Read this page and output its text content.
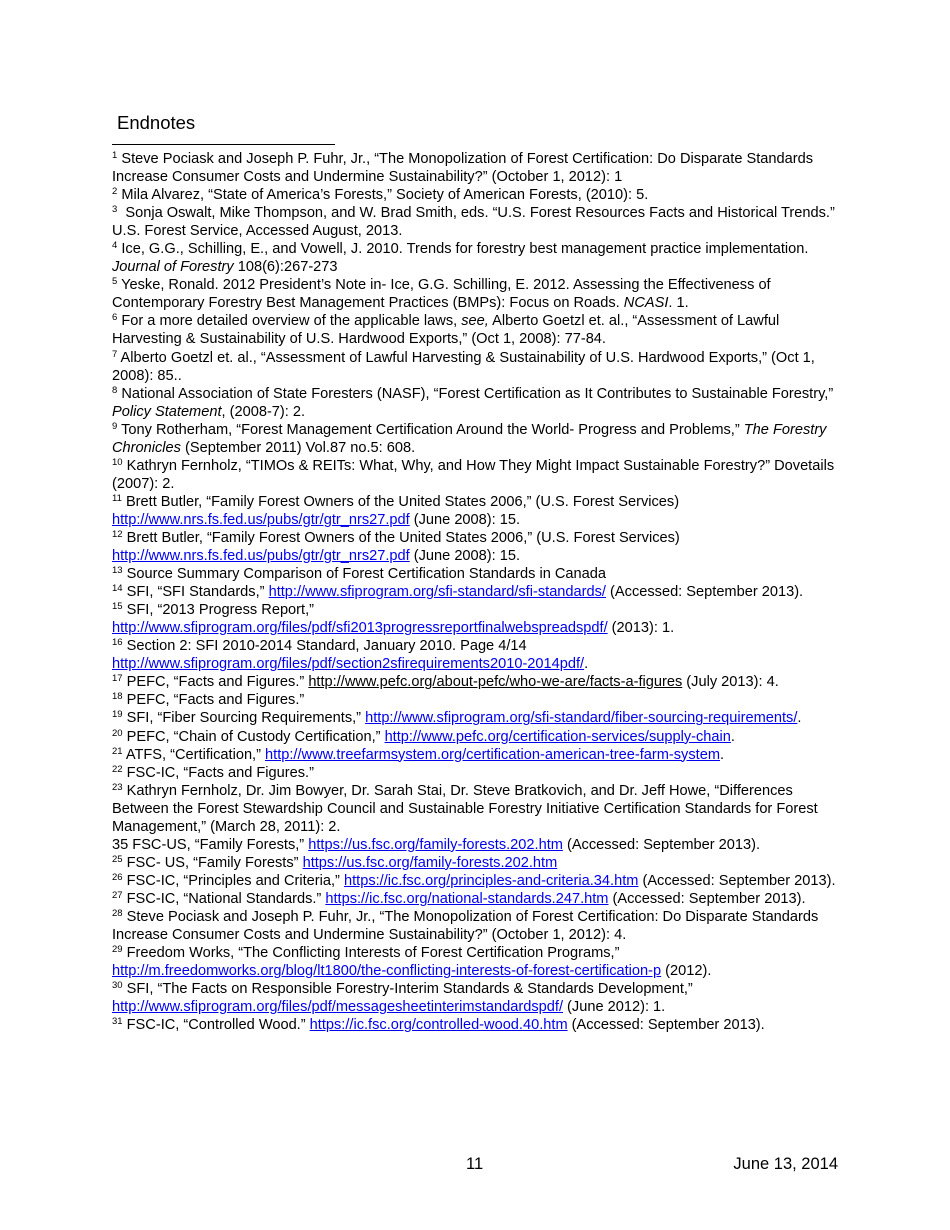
Endnotes

$^1$ Steve Pociask and Joseph P. Fuhr, Jr., “The Monopolization of Forest Certification: Do Disparate Standards Increase Consumer Costs and Undermine Sustainability?” (October 1, 2012): 1

$^2$ Mila Alvarez, “State of America’s Forests,” Society of American Forests, (2010): 5.

$^3$ Sonja Oswalt, Mike Thompson, and W. Brad Smith, eds. “U.S. Forest Resources Facts and Historical Trends.” U.S. Forest Service, Accessed August, 2013.

$^4$ Ice, G.G., Schilling, E., and Vowell, J. 2010. Trends for forestry best management practice implementation. Journal of Forestry 108(6):267-273

$^5$ Yeske, Ronald. 2012 President’s Note in- Ice, G.G. Schilling, E. 2012. Assessing the Effectiveness of Contemporary Forestry Best Management Practices (BMPs): Focus on Roads. NCASI. 1.

$^6$ For a more detailed overview of the applicable laws, see, Alberto Goetzl et. al., “Assessment of Lawful Harvesting & Sustainability of U.S. Hardwood Exports,” (Oct 1, 2008): 77-84.

$^7$ Alberto Goetzl et. al., “Assessment of Lawful Harvesting & Sustainability of U.S. Hardwood Exports,” (Oct 1, 2008): 85..

$^8$ National Association of State Foresters (NASF), “Forest Certification as It Contributes to Sustainable Forestry,” Policy Statement, (2008-7): 2.

$^9$ Tony Rotherham, “Forest Management Certification Around the World- Progress and Problems,” The Forestry Chronicles (September 2011) Vol.87 no.5: 608.

$^{10}$ Kathryn Fernholz, “TIMOs & REITs: What, Why, and How They Might Impact Sustainable Forestry?” Dovetails (2007): 2.

$^{11}$ Brett Butler, “Family Forest Owners of the United States 2006,” (U.S. Forest Services) http://www.nrs.fs.fed.us/pubs/gtr/gtr_nrs27.pdf (June 2008): 15.

$^{12}$ Brett Butler, “Family Forest Owners of the United States 2006,” (U.S. Forest Services) http://www.nrs.fs.fed.us/pubs/gtr/gtr_nrs27.pdf (June 2008): 15.

$^{13}$ Source Summary Comparison of Forest Certification Standards in Canada

$^{14}$ SFI, “SFI Standards,” http://www.sfiprogram.org/sfi-standard/sfi-standards/ (Accessed: September 2013).

$^{15}$ SFI, “2013 Progress Report,”
http://www.sfiprogram.org/files/pdf/sfi2013progressreportfinalwebspreadspdf/ (2013): 1.

$^{16}$ Section 2: SFI 2010-2014 Standard, January 2010. Page 4/14
http://www.sfiprogram.org/files/pdf/section2sfirequirements2010-2014pdf/.

$^{17}$ PEFC, “Facts and Figures.” http://www.pefc.org/about-pefc/who-we-are/facts-a-figures (July 2013): 4.

$^{18}$ PEFC, “Facts and Figures.”

$^{19}$ SFI, “Fiber Sourcing Requirements,” http://www.sfiprogram.org/sfi-standard/fiber-sourcing-requirements/.

$^{20}$ PEFC, “Chain of Custody Certification,” http://www.pefc.org/certification-services/supply-chain.

$^{21}$ ATFS, “Certification,” http://www.treefarmsystem.org/certification-american-tree-farm-system.

$^{22}$ FSC-IC, “Facts and Figures.”

$^{23}$ Kathryn Fernholz, Dr. Jim Bowyer, Dr. Sarah Stai, Dr. Steve Bratkovich, and Dr. Jeff Howe, “Differences Between the Forest Stewardship Council and Sustainable Forestry Initiative Certification Standards for Forest Management,” (March 28, 2011): 2.

35 FSC-US, “Family Forests,” https://us.fsc.org/family-forests.202.htm (Accessed: September 2013).

$^{25}$ FSC- US, “Family Forests” https://us.fsc.org/family-forests.202.htm

$^{26}$ FSC-IC, “Principles and Criteria,” https://ic.fsc.org/principles-and-criteria.34.htm (Accessed: September 2013).

$^{27}$ FSC-IC, “National Standards.” https://ic.fsc.org/national-standards.247.htm (Accessed: September 2013).

$^{28}$ Steve Pociask and Joseph P. Fuhr, Jr., “The Monopolization of Forest Certification: Do Disparate Standards Increase Consumer Costs and Undermine Sustainability?” (October 1, 2012): 4.

$^{29}$ Freedom Works, “The Conflicting Interests of Forest Certification Programs,”
http://m.freedomworks.org/blog/lt1800/the-conflicting-interests-of-forest-certification-p (2012).

$^{30}$ SFI, “The Facts on Responsible Forestry-Interim Standards & Standards Development,”
http://www.sfiprogram.org/files/pdf/messagesheetinterimstandardspdf/ (June 2012): 1.

$^{31}$ FSC-IC, “Controlled Wood.” https://ic.fsc.org/controlled-wood.40.htm (Accessed: September 2013).

11	June 13, 2014
